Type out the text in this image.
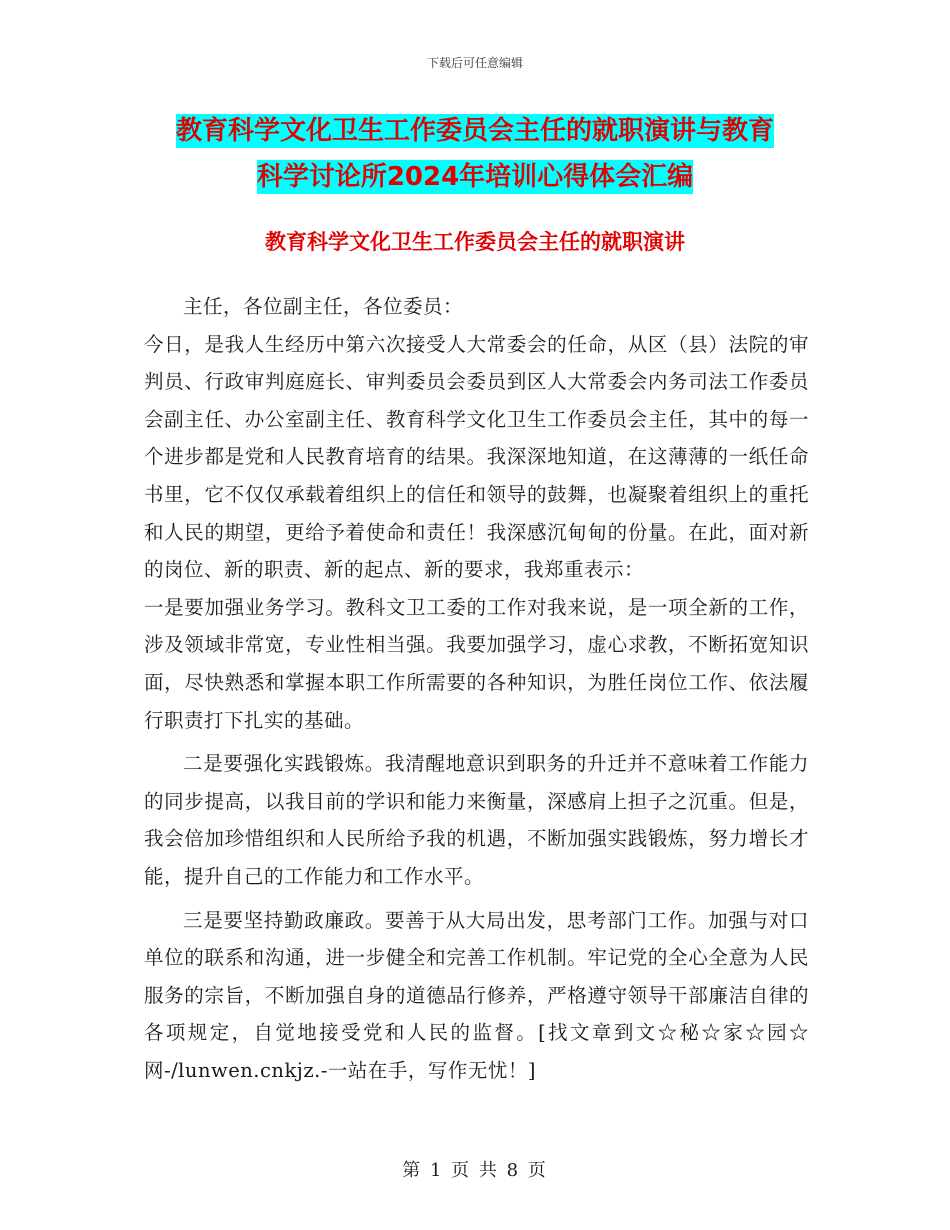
下载后可任意编辑
教育科学文化卫生工作委员会主任的就职演讲与教育
科学讨论所2024年培训心得体会汇编
教育科学文化卫生工作委员会主任的就职演讲

主任，各位副主任，各位委员：

今日，是我人生经历中第六次接受人大常委会的任命，从区（县）法院的审判员、行政审判庭庭长、审判委员会委员到区人大常委会内务司法工作委员会副主任、办公室副主任、教育科学文化卫生工作委员会主任，其中的每一个进步都是党和人民教育培育的结果。我深深地知道，在这薄薄的一纸任命书里，它不仅仅承载着组织上的信任和领导的鼓舞，也凝聚着组织上的重托和人民的期望，更给予着使命和责任！我深感沉甸甸的份量。在此，面对新的岗位、新的职责、新的起点、新的要求，我郑重表示：

一是要加强业务学习。教科文卫工委的工作对我来说，是一项全新的工作，涉及领域非常宽，专业性相当强。我要加强学习，虚心求教，不断拓宽知识面，尽快熟悉和掌握本职工作所需要的各种知识，为胜任岗位工作、依法履行职责打下扎实的基础。

二是要强化实践锻炼。我清醒地意识到职务的升迁并不意味着工作能力的同步提高，以我目前的学识和能力来衡量，深感肩上担子之沉重。但是，我会倍加珍惜组织和人民所给予我的机遇，不断加强实践锻炼，努力增长才能，提升自己的工作能力和工作水平。

三是要坚持勤政廉政。要善于从大局出发，思考部门工作。加强与对口单位的联系和沟通，进一步健全和完善工作机制。牢记党的全心全意为人民服务的宗旨，不断加强自身的道德品行修养，严格遵守领导干部廉洁自律的各项规定，自觉地接受党和人民的监督。[找文章到文☆秘☆家☆园☆网-/lunwen.cnkjz.-一站在手，写作无忧！]

第 1 页 共 8 页
